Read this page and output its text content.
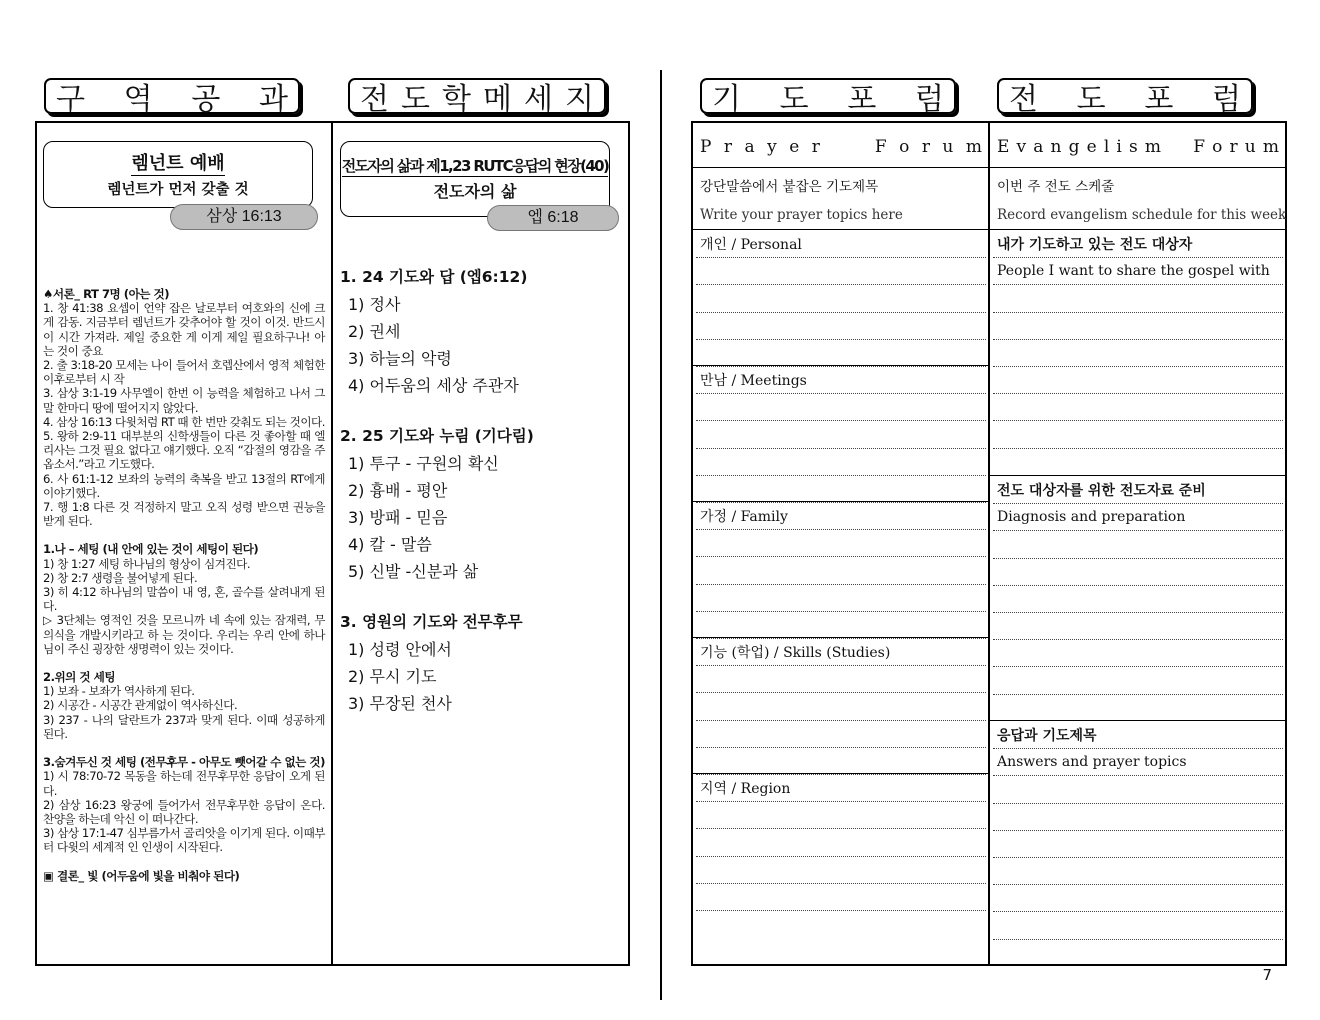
구 역 공 과 전 도 학 메 세 지	기 도 포 럼 전 도 포 럼
렘넌트 예배
렘넌트가 먼저 갖출 것
삼상 16:13
♠서론_ RT 7명 (아는 것)
1. 창 41:38 요셉이 언약 잡은 날로부터 여호와의 신에 크게 감동. 지금부터 렘넌트가 갖추어야 할 것이 이것. 반드시 이 시간 가져라. 제일 중요한 게 이게 제일 필요하구나! 아는 것이 중요
2. 출 3:18-20 모세는 나이 들어서 호렙산에서 영적 체험한 이후로부터 시 작
3. 삼상 3:1-19 사무엘이 한번 이 능력을 체험하고 나서 그 말 한마디 땅에 떨어지지 않았다.
4. 삼상 16:13 다윗처럼 RT 때 한 번만 갖춰도 되는 것이다.
5. 왕하 2:9-11 대부분의 신학생들이 다른 것 좋아할 때 엘리사는 그것 필요 없다고 얘기했다. 오직 “갑절의 영감을 주옵소서.”라고 기도했다.
6. 사 61:1-12 보좌의 능력의 축복을 받고 13절의 RT에게 이야기했다.
7. 행 1:8 다른 것 걱정하지 말고 오직 성령 받으면 권능을 받게 된다.
1.나 – 세팅 (내 안에 있는 것이 세팅이 된다)
1) 창 1:27 세팅 하나님의 형상이 심겨진다.
2) 창 2:7 생령을 불어넣게 된다.
3) 히 4:12 하나님의 말씀이 내 영, 혼, 골수를 살려내게 된다.
▷ 3단체는 영적인 것을 모르니까 네 속에 있는 잠재력, 무의식을 개발시키라고 하 는 것이다. 우리는 우리 안에 하나님이 주신 굉장한 생명력이 있는 것이다.
2.위의 것 세팅
1) 보좌 - 보좌가 역사하게 된다.
2) 시공간 - 시공간 관계없이 역사하신다.
3) 237 - 나의 달란트가 237과 맞게 된다. 이때 성공하게 된다.
3.숨겨두신 것 세팅 (전무후무 - 아무도 뺏어갈 수 없는 것)
1) 시 78:70-72 목동을 하는데 전무후무한 응답이 오게 된다.
2) 삼상 16:23 왕궁에 들어가서 전무후무한 응답이 온다. 찬양을 하는데 악신 이 떠나간다.
3) 삼상 17:1-47 심부름가서 골리앗을 이기게 된다. 이때부터 다윗의 세계적 인 인생이 시작된다.
▣ 결론_ 빛 (어두움에 빛을 비춰야 된다)
전도자의 삶과 제1,23 RUTC응답의 현장(40)
전도자의 삶
엡 6:18
1. 24 기도와 답 (엡6:12)
1) 정사
2) 권세
3) 하늘의 악령
4) 어두움의 세상 주관자
2. 25 기도와 누림 (기다림)
1) 투구 - 구원의 확신
2) 흉배 - 평안
3) 방패 - 믿음
4) 칼 - 말씀
5) 신발 -신분과 삶
3. 영원의 기도와 전무후무
1) 성령 안에서
2) 무시 기도
3) 무장된 천사
P r a y e r	F o r u m E v a n g e l i s m F o r u m
강단말씀에서 붙잡은 기도제목
Write your prayer topics here
이번 주 전도 스케줄
Record evangelism schedule for this week
개인 / Personal
만남 / Meetings
가정 / Family
기능 (학업) / Skills (Studies)
지역 / Region
내가 기도하고 있는 전도 대상자
People I want to share the gospel with
전도 대상자를 위한 전도자료 준비
Diagnosis and preparation
응답과 기도제목
Answers and prayer topics
7
